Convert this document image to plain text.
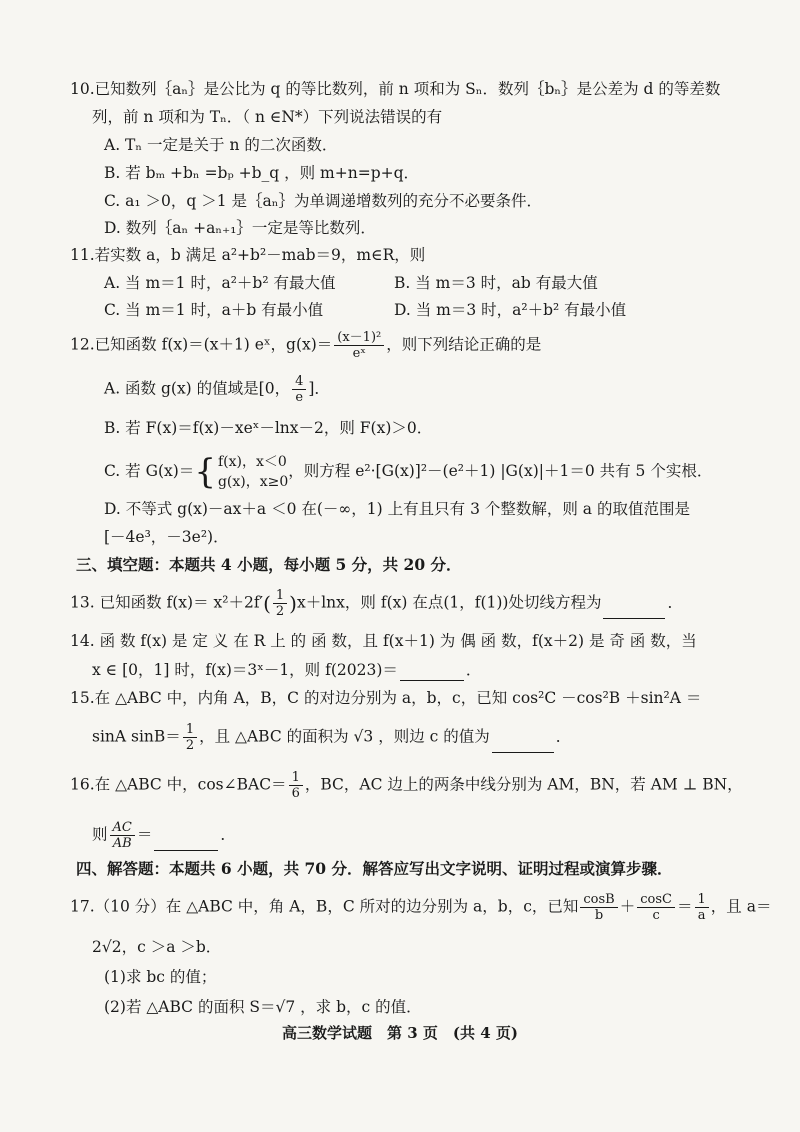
10.已知数列｛aₙ｝是公比为 q 的等比数列，前 n 项和为 Sₙ．数列｛bₙ｝是公差为 d 的等差数
列，前 n 项和为 Tₙ．（ n ∈N*）下列说法错误的有
A. Tₙ 一定是关于 n 的二次函数．
B. 若 bₘ +bₙ =bₚ +b_q ，则 m+n=p+q．
C. a₁ ＞0，q ＞1 是｛aₙ｝为单调递增数列的充分不必要条件．
D. 数列｛aₙ +aₙ₊₁｝一定是等比数列．
11.若实数 a，b 满足 a²+b²－mab＝9，m∈R，则
A. 当 m＝1 时，a²＋b² 有最大值	B. 当 m＝3 时，ab 有最大值
C. 当 m＝1 时，a＋b 有最小值	D. 当 m＝3 时，a²＋b² 有最小值
12.已知函数 f(x)＝(x＋1) eˣ，$g(x)= \frac{\text{(x－1)²}}{\text{eˣ}}$ ，则下列结论正确的是
A. 函数 g(x) 的值域是[0， $\frac{4}{e}$ ]．
B. 若 F(x)＝f(x)－xeˣ－lnx－2，则 F(x)＞0．
C. 若 G(x)＝{ f(x)，x＜0
g(x)，x≥0
，则方程 e²·[G(x)]²－(e²＋1) |G(x)|＋1＝0 共有 5 个实根．
D. 不等式 g(x)－ax＋a ＜0 在(－∞，1) 上有且只有 3 个整数解，则 a 的取值范围是
[－4e³，－3e²)．
三、填空题：本题共 4 小题，每小题 5 分，共 20 分．
13. 已知函数 $f(x)= x^2+2f'( \frac{1}{2} )x+\ln x$，则 f(x) 在点(1，f(1))处切线方程为	．
14. 函 数 f(x) 是 定 义 在 R 上 的 函 数，且 f(x＋1) 为 偶 函 数，f(x＋2) 是 奇 函 数，当
x ∈ [0，1] 时，f(x)＝3ˣ－1，则 f(2023)＝	．
15.在 △ABC 中，内角 A，B，C 的对边分别为 a，b，c，已知 cos²C －cos²B ＋sin²A ＝
sinA $\sin B= \frac{1}{2}$ ，且 △ABC 的面积为 √3 ，则边 c 的值为	．
16.在 △ABC 中，cos∠BAC＝ $\frac{1}{6}$ ，BC，AC 边上的两条中线分别为 AM，BN，若 AM ⊥ BN，
则 $\frac{AC}{AB}$ ＝	．
四、解答题：本题共 6 小题，共 70 分．解答应写出文字说明、证明过程或演算步骤．
17.（10 分）在 △ABC 中，角 A，B，C 所对的边分别为 a，b，c，已知 $\frac{\cos B}{b} + \frac{\cos C}{c} = \frac{1}{a}$ ，且 a＝
2√2，c ＞a ＞b．
(1)求 bc 的值；
(2)若 △ABC 的面积 S＝√7 ，求 b，c 的值．
高三数学试题　第 3 页　(共 4 页)
